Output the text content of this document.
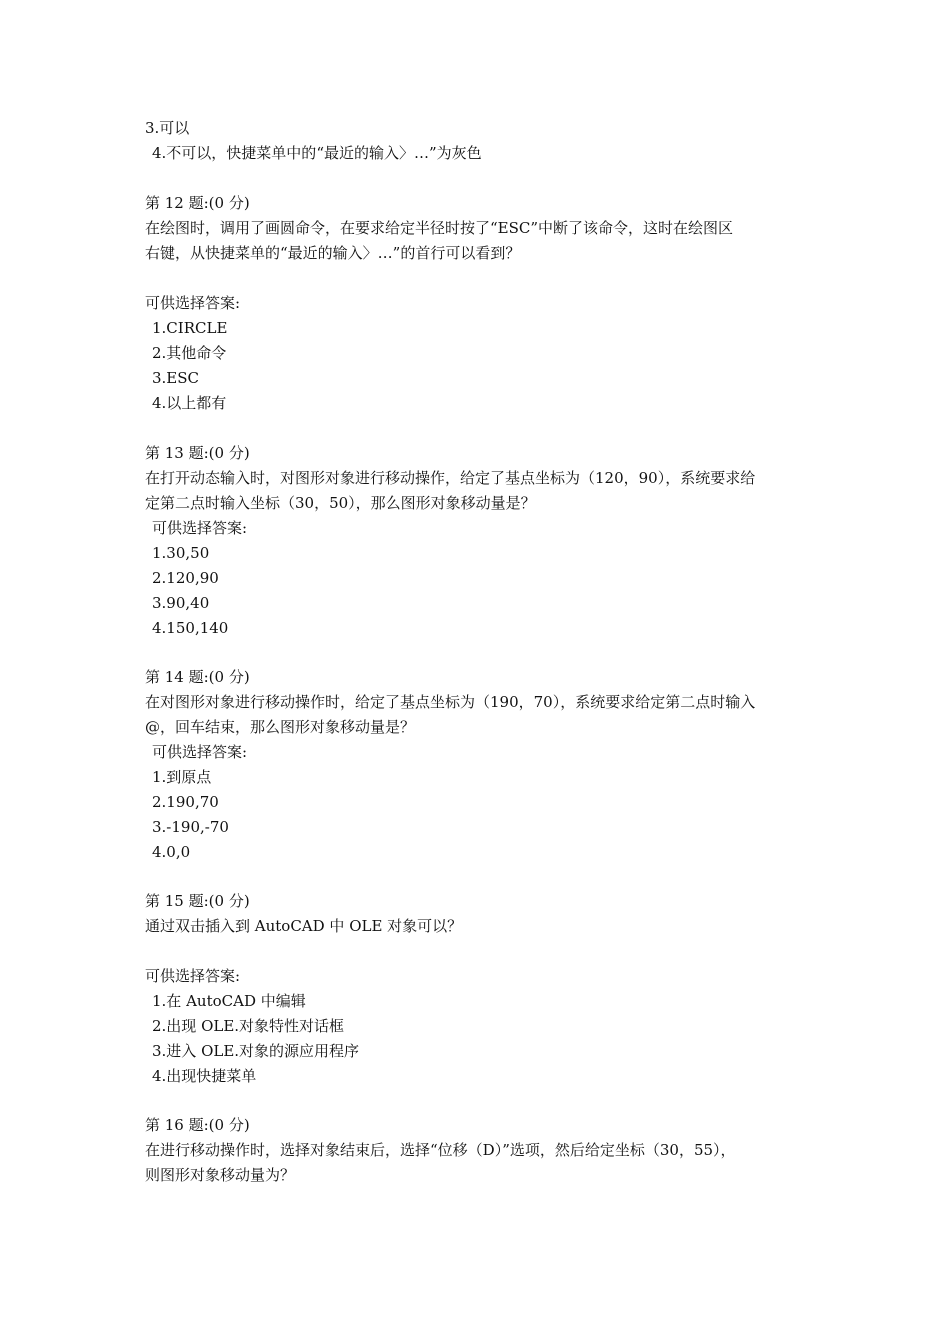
3.可以
4.不可以，快捷菜单中的“最近的输入〉…”为灰色
第 12 题:(0 分)
在绘图时，调用了画圆命令，在要求给定半径时按了“ESC”中断了该命令，这时在绘图区
右键，从快捷菜单的“最近的输入〉…”的首行可以看到？
可供选择答案:
1.CIRCLE
2.其他命令
3.ESC
4.以上都有
第 13 题:(0 分)
在打开动态输入时，对图形对象进行移动操作，给定了基点坐标为（120，90），系统要求给
定第二点时输入坐标（30，50），那么图形对象移动量是？
可供选择答案:
1.30,50
2.120,90
3.90,40
4.150,140
第 14 题:(0 分)
在对图形对象进行移动操作时，给定了基点坐标为（190，70），系统要求给定第二点时输入
@，回车结束，那么图形对象移动量是？
可供选择答案:
1.到原点
2.190,70
3.-190,-70
4.0,0
第 15 题:(0 分)
通过双击插入到 AutoCAD 中 OLE 对象可以？
可供选择答案:
1.在 AutoCAD 中编辑
2.出现 OLE.对象特性对话框
3.进入 OLE.对象的源应用程序
4.出现快捷菜单
第 16 题:(0 分)
在进行移动操作时，选择对象结束后，选择“位移（D）”选项，然后给定坐标（30，55），
则图形对象移动量为？
